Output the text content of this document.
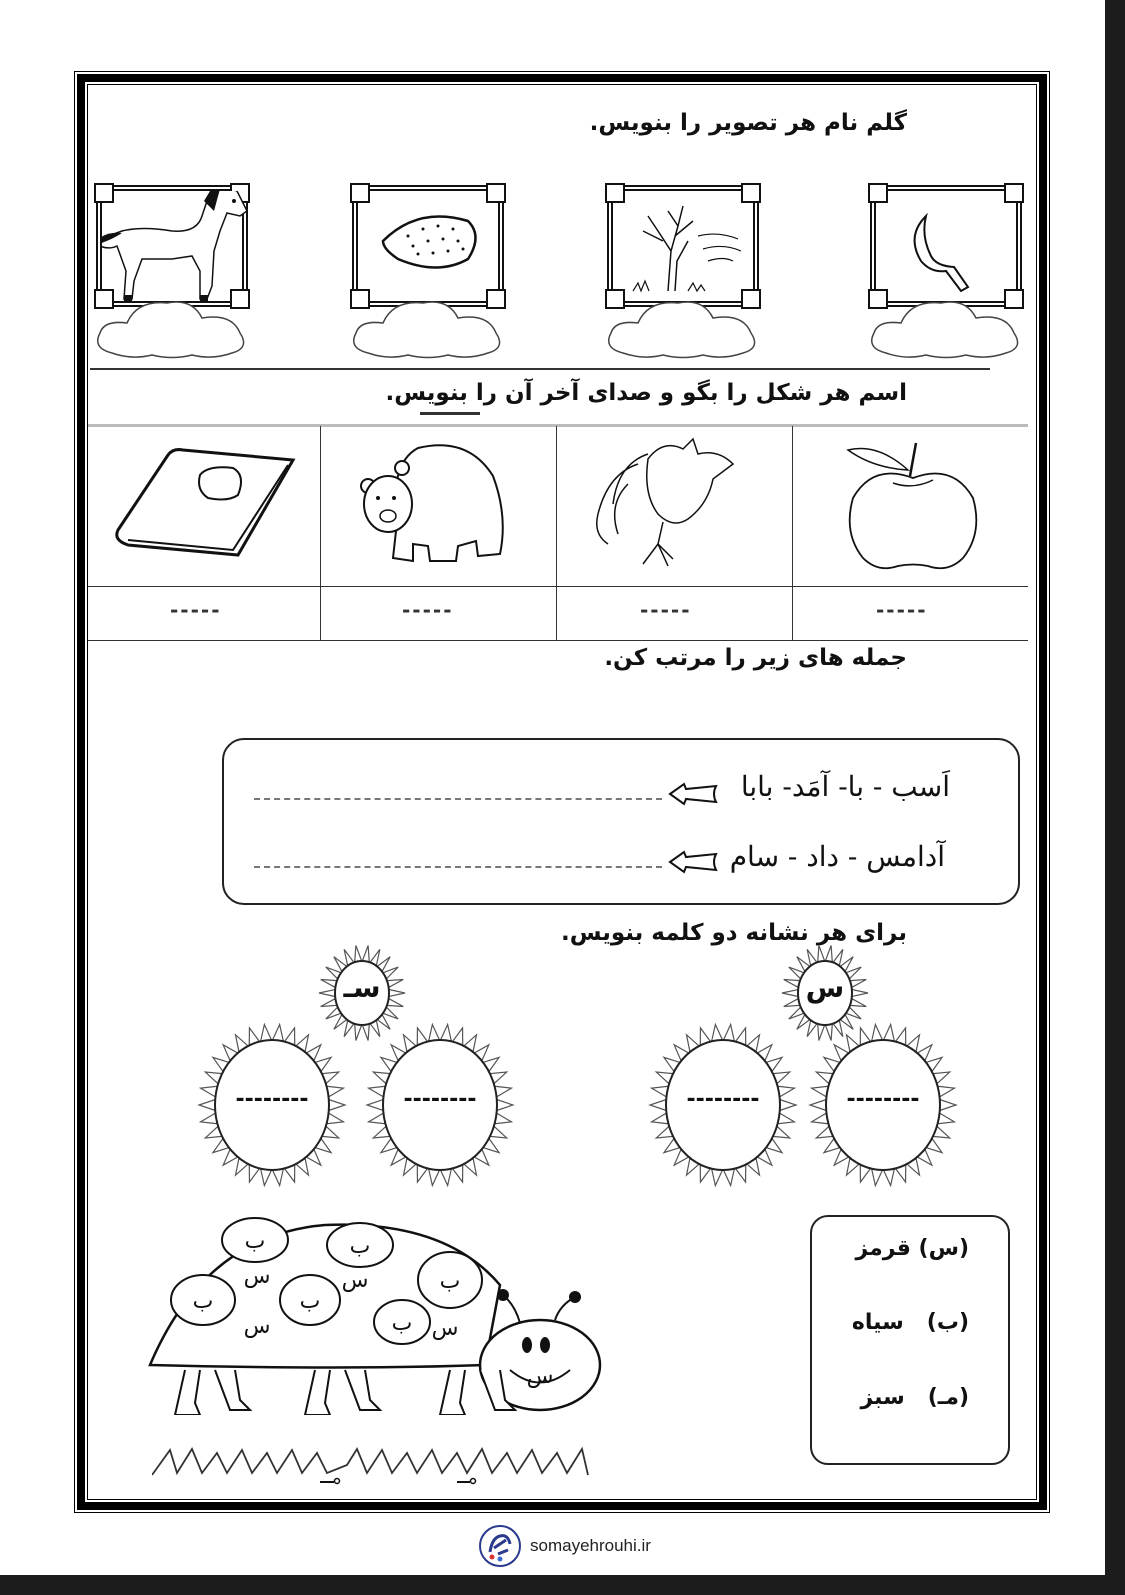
گلم نام هر تصویر را بنویس.
اسم هر شکل را بگو و صدای آخر آن را بنویس.
-----	-----	-----	-----
جمله های زیر را مرتب کن.
اَسب - با- آمَد- بابا
آدامس - داد - سام
برای هر نشانه دو کلمه بنویس.
س
--------	--------
سـ
--------	--------
ب	ب
ب
ب	ب
ب
س	س
س	س
س
(س) قرمز
(ب)   سیاه
(مـ)   سبز
somayehrouhi.ir
